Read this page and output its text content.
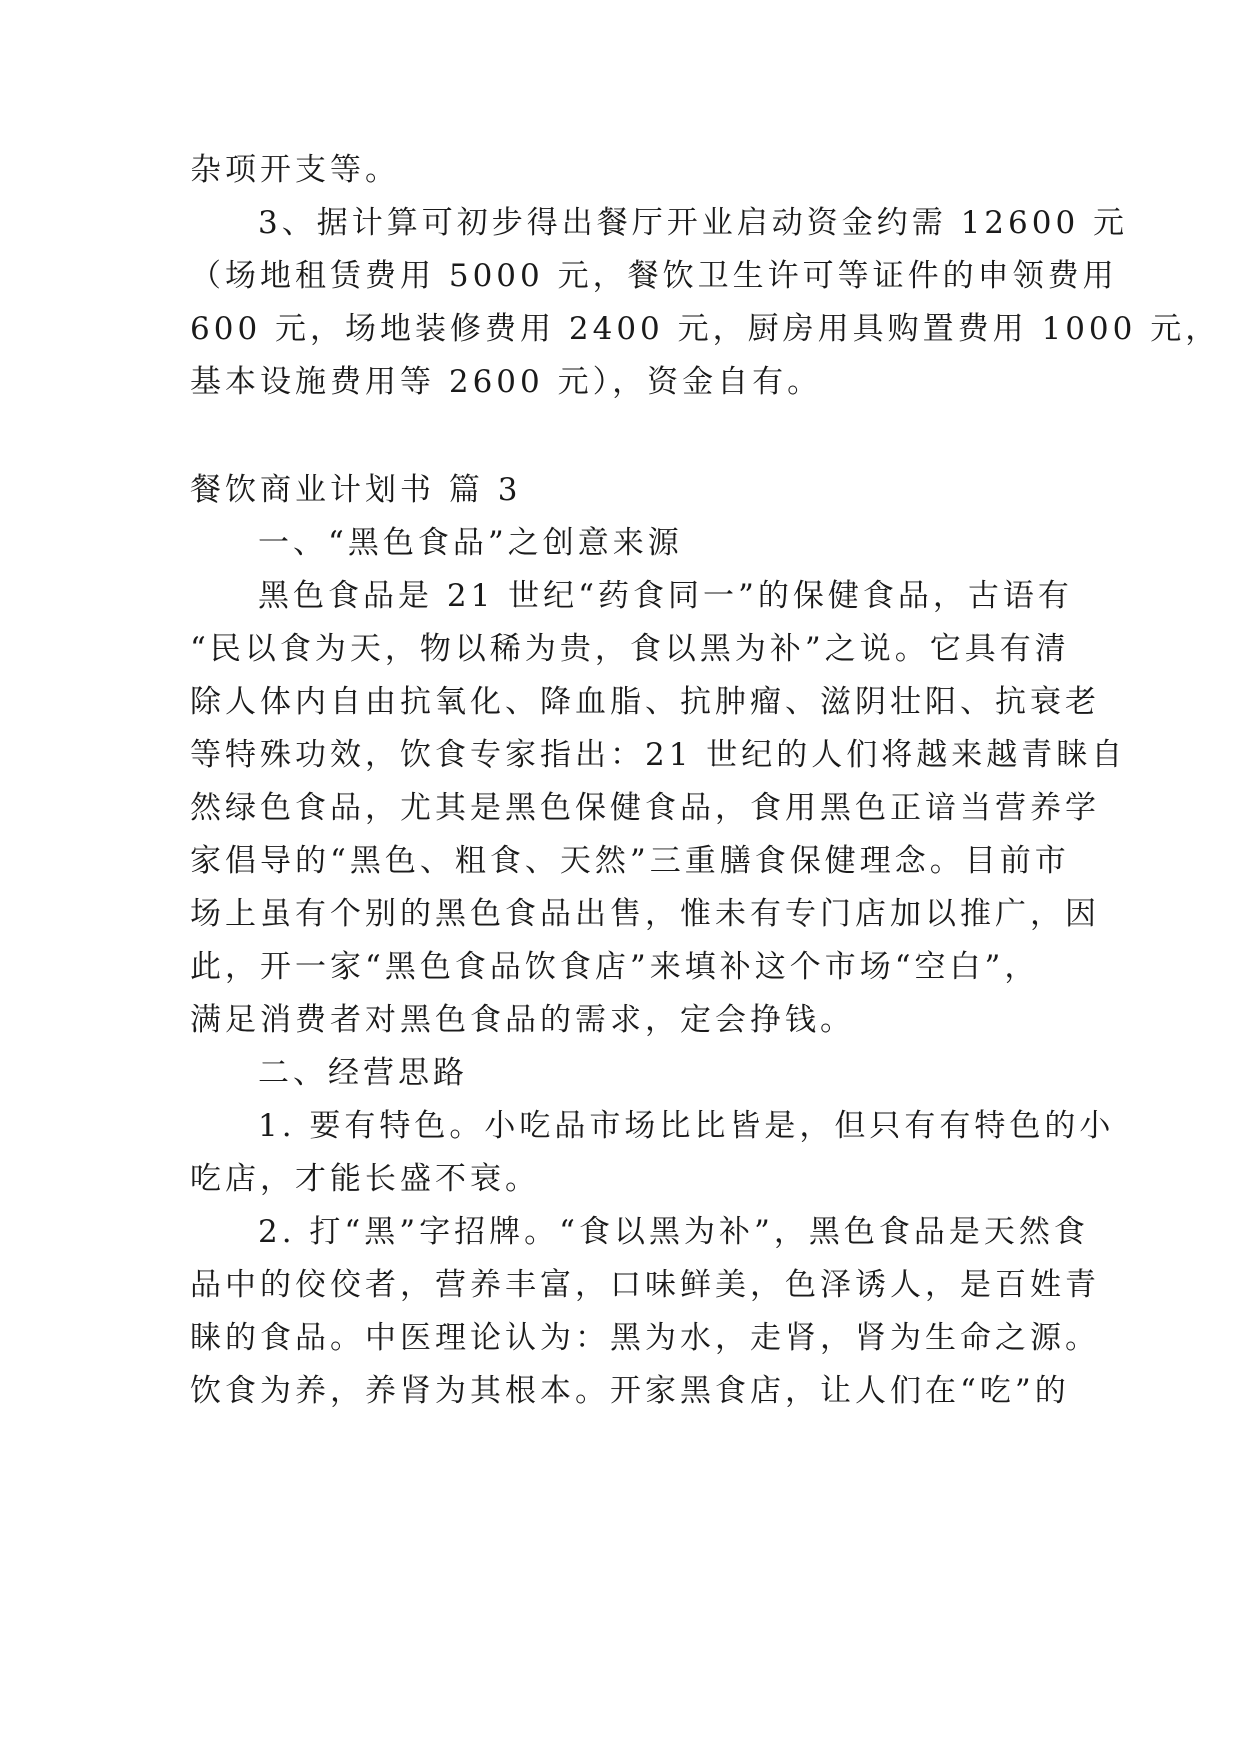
杂项开支等。
3、据计算可初步得出餐厅开业启动资金约需 12600 元
（场地租赁费用 5000 元，餐饮卫生许可等证件的申领费用
600 元，场地装修费用 2400 元，厨房用具购置费用 1000 元，
基本设施费用等 2600 元），资金自有。
餐饮商业计划书 篇 3
一、“黑色食品”之创意来源
黑色食品是 21 世纪“药食同一”的保健食品，古语有
“民以食为天，物以稀为贵，食以黑为补”之说。它具有清
除人体内自由抗氧化、降血脂、抗肿瘤、滋阴壮阳、抗衰老
等特殊功效，饮食专家指出：21 世纪的人们将越来越青睐自
然绿色食品，尤其是黑色保健食品，食用黑色正谙当营养学
家倡导的“黑色、粗食、天然”三重膳食保健理念。目前市
场上虽有个别的黑色食品出售，惟未有专门店加以推广，因
此，开一家“黑色食品饮食店”来填补这个市场“空白”，
满足消费者对黑色食品的需求，定会挣钱。
二、经营思路
1. 要有特色。小吃品市场比比皆是，但只有有特色的小
吃店，才能长盛不衰。
2. 打“黑”字招牌。“食以黑为补”，黑色食品是天然食
品中的佼佼者，营养丰富，口味鲜美，色泽诱人，是百姓青
睐的食品。中医理论认为：黑为水，走肾，肾为生命之源。
饮食为养，养肾为其根本。开家黑食店，让人们在“吃”的
